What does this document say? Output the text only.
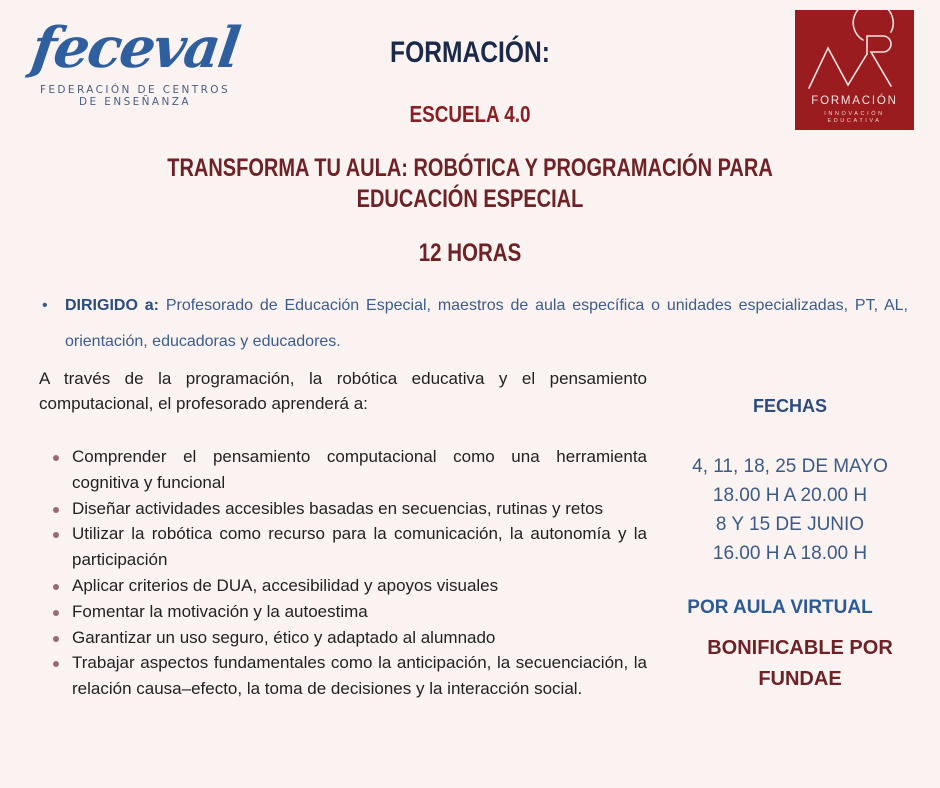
feceval
FEDERACIÓN DE CENTROS
DE ENSEÑANZA	FORMACIÓN
INNOVACIÓN
EDUCATIVA
FORMACIÓN:
ESCUELA 4.0
TRANSFORMA TU AULA: ROBÓTICA Y PROGRAMACIÓN PARA
EDUCACIÓN ESPECIAL
12 HORAS
•	DIRIGIDO a: Profesorado de Educación Especial, maestros de aula específica o unidades especializadas, PT, AL, orientación, educadoras y educadores.
A través de la programación, la robótica educativa y el pensamiento computacional, el profesorado aprenderá a:
Comprender el pensamiento computacional como una herramienta cognitiva y funcional
Diseñar actividades accesibles basadas en secuencias, rutinas y retos
Utilizar la robótica como recurso para la comunicación, la autonomía y la participación
Aplicar criterios de DUA, accesibilidad y apoyos visuales
Fomentar la motivación y la autoestima
Garantizar un uso seguro, ético y adaptado al alumnado
Trabajar aspectos fundamentales como la anticipación, la secuenciación, la relación causa–efecto, la toma de decisiones y la interacción social.
FECHAS
4, 11, 18, 25 DE MAYO
18.00 H A 20.00 H
8 Y 15 DE JUNIO
16.00 H A 18.00 H
POR AULA VIRTUAL
BONIFICABLE POR
FUNDAE
